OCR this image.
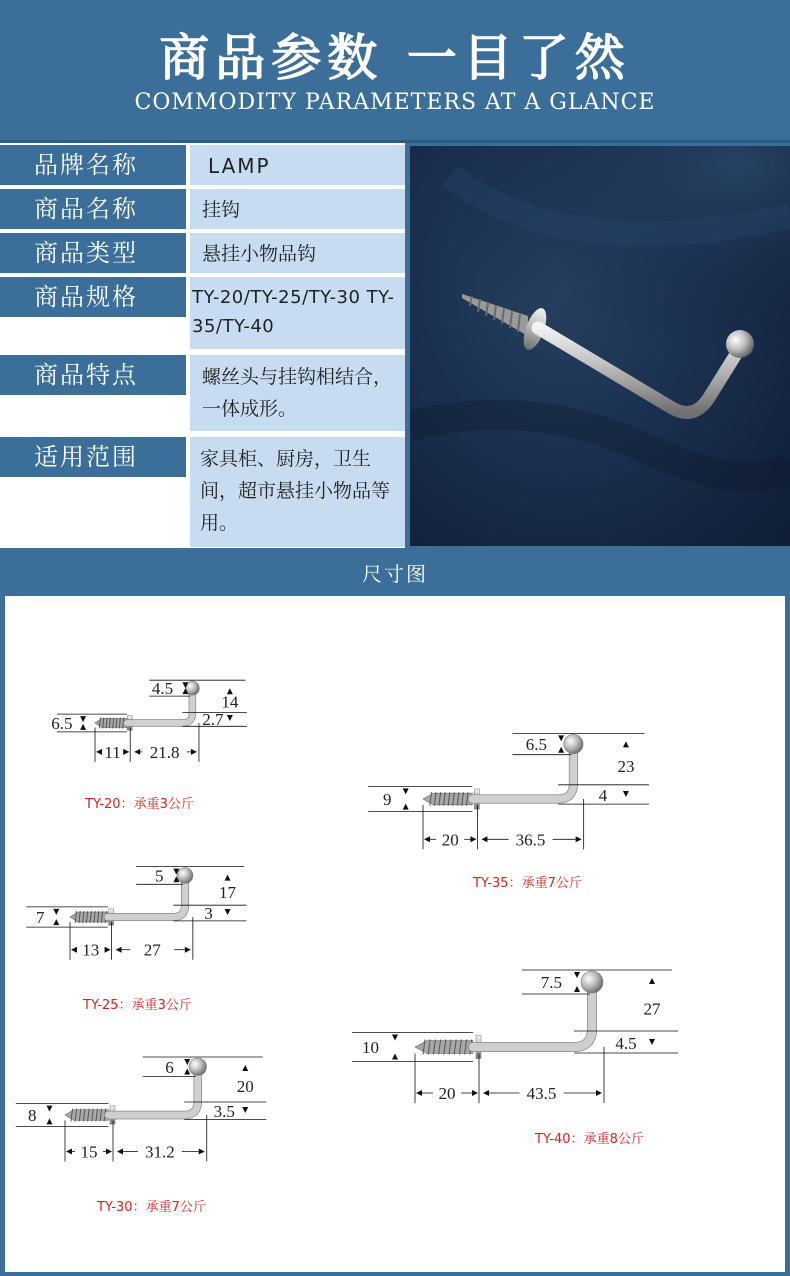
商品参数 一目了然
COMMODITY PARAMETERS AT A GLANCE
品牌名称	LAMP
商品名称	挂钩
商品类型	悬挂小物品钩
商品规格	TY-20/TY-25/TY-30 TY-35/TY-40
商品特点	螺丝头与挂钩相结合，一体成形。
适用范围	家具柜、厨房，卫生间，超市悬挂小物品等用。
尺寸图
6.5
11 21.8
4.5
14
2.7
TY-20：承重3公斤
7
13	27
5
17
3
TY-25：承重3公斤
8
15	31.2
6
20
3.5
TY-30：承重7公斤
9
20	36.5
6.5
23
4
TY-35：承重7公斤
10
20	43.5
7.5
27
4.5
TY-40：承重8公斤
